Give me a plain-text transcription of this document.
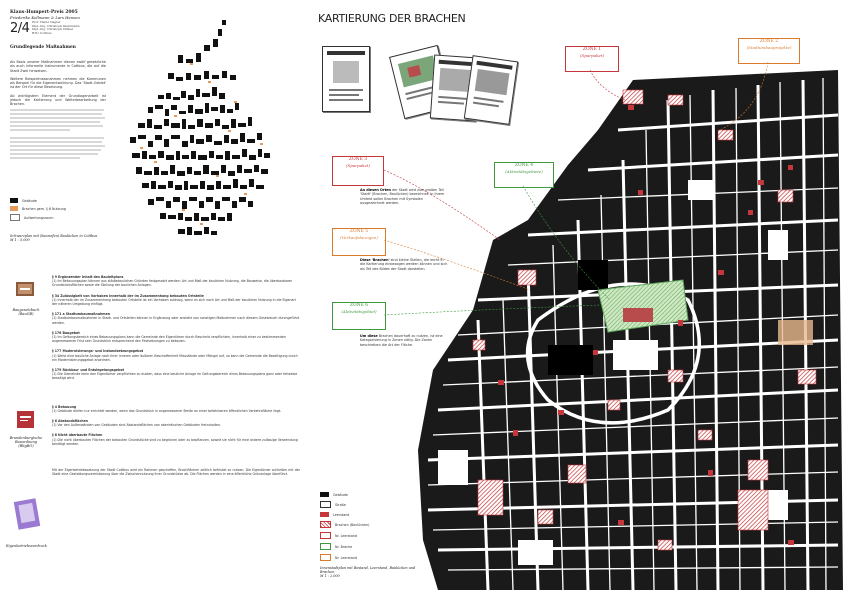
Klaus-Humpert-Preis 2005
Friederike Kollmann & Lars Hansen
2/4 Prof. Heinz Nagler
Dipl.-Ing. Christoph Kleinmann
Dipl.-Ing. Christoph Dinkel
BTU Cottbus
Grundlegende Maßnahmen
Als Basis unserer Maßnahmen dienen zwölf gesetzliche als auch informelle Instrumente in Cottbus, die auf die Stadt Zwei hinweisen.
Weitere Beispielmassnahmen nehmen die Kommunen als Beispiel für die Eigenentwicklung. Das 'Stadt-Gebiet' ist der Ort für diese Besetzung.
Ab wichtigstem Element der Grundlagenarbeit ist jedoch die Kartierung und Weiterbearbeitung der Brachen.
Gebäude
Brachen gem. § 6 Nutzung
Aufwertungsraum
Schwarzplan mit (baureifen) Baulücken in Cottbus
M 1 : 5.000
Baugesetzbuch
(BauGB)
Brandenburgische Bauordnung
(BbgBO)
Eigenbetriebsvordruck
§ 9 Ergänzender Inhalt des Bauleitplans
(1) Im Bebauungsplan können aus städtebaulichen Gründen festgesetzt werden: Art und Maß der baulichen Nutzung, die Bauweise, die überbaubaren Grundstücksflächen sowie die Stellung der baulichen Anlagen.
§ 34 Zulässigkeit von Vorhaben innerhalb der im Zusammenhang bebauten Ortsteile
(1) Innerhalb der im Zusammenhang bebauten Ortsteile ist ein Vorhaben zulässig, wenn es sich nach Art und Maß der baulichen Nutzung in die Eigenart der näheren Umgebung einfügt.
§ 171 a Stadtumbaumaßnahmen
(1) Stadtumbaumaßnahmen in Stadt- und Ortsteilen können in Ergänzung oder anstelle von sonstigen Maßnahmen nach diesem Gesetzbuch durchgeführt werden.
§ 176 Baugebot
(1) Im Geltungsbereich eines Bebauungsplans kann die Gemeinde den Eigentümer durch Bescheid verpflichten, innerhalb einer zu bestimmenden angemessenen Frist sein Grundstück entsprechend den Festsetzungen zu bebauen.
§ 177 Modernisierungs- und Instandsetzungsgebot
(1) Weist eine bauliche Anlage nach ihrer inneren oder äußeren Beschaffenheit Missstände oder Mängel auf, so kann die Gemeinde die Beseitigung durch ein Modernisierungsgebot anordnen.
§ 179 Rückbau- und Entsiegelungsgebot
(1) Die Gemeinde kann den Eigentümer verpflichten zu dulden, dass eine bauliche Anlage im Geltungsbereich eines Bebauungsplans ganz oder teilweise beseitigt wird.
§ 4 Bebauung
(1) Gebäude dürfen nur errichtet werden, wenn das Grundstück in angemessener Breite an einer befahrbaren öffentlichen Verkehrsfläche liegt.
§ 6 Abstandsflächen
(1) Vor den Außenwänden von Gebäuden sind Abstandsflächen von oberirdischen Gebäuden freizuhalten.
§ 8 Nicht überbaute Flächen
(1) Die nicht überbauten Flächen der bebauten Grundstücke sind zu begrünen oder zu bepflanzen, soweit sie nicht für eine andere zulässige Verwendung benötigt werden.
Mit der Eigenbetriebssatzung der Stadt Cottbus wird ein Rahmen geschaffen, Brachflächen zeitlich befristet zu nutzen. Die Eigentümer schließen mit der Stadt eine Gestattungsvereinbarung über die Zwischennutzung ihrer Grundstücke ab. Die Flächen werden in eine öffentliche Grünanlage überführt.
KARTIERUNG DER BRACHEN
ZONE 1
(Sparpaket)
ZONE 2
(Stadtumbauprojekte)
ZONE 3
(Sparpaket)	ZONE 4
(Aktivitätsgebiete)
ZONE 5
(Verkaufsbezogen)
ZONE 6
(Aktivitätsgebiet)
An diesen Orten der Stadt wird zum großen Teil 'Stadt' (Brachen, Baulücken) bezeichnet. In ihrem Umfeld sollen Brachen mit Symbolen ausgezeichnet werden.
Diese 'Brachen' sind kleine Stellen, die leicht in die Kartierung einbezogen werden können und sich als Teil des Bildes der Stadt darstellen.
Um diese Brachen dauerhaft zu nutzen, ist eine Kategorisierung in Zonen nötig. Die Zonen beschreiben die Art der Fläche.
Gebäude
Straße
Leerstand
Brachen (Baulücken)
Nr. Leerstand
Nr. Brache
Nr. Leerstand
Innenstadtplan mit Bestand, Leerstand, Baulücken und Brachen
M 1 : 2.000
